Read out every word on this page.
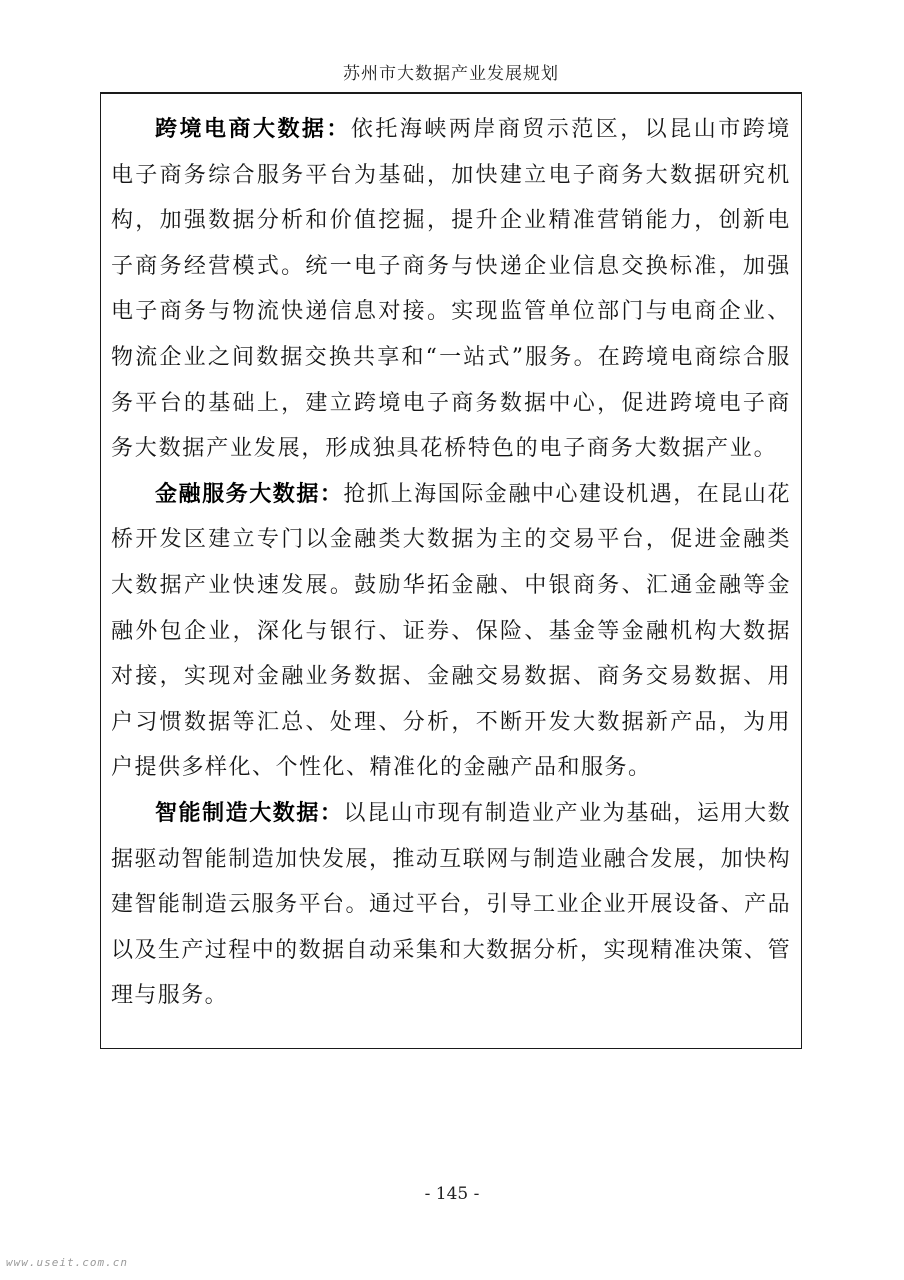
苏州市大数据产业发展规划

跨境电商大数据：依托海峡两岸商贸示范区，以昆山市跨境电子商务综合服务平台为基础，加快建立电子商务大数据研究机构，加强数据分析和价值挖掘，提升企业精准营销能力，创新电子商务经营模式。统一电子商务与快递企业信息交换标准，加强电子商务与物流快递信息对接。实现监管单位部门与电商企业、物流企业之间数据交换共享和“一站式”服务。在跨境电商综合服务平台的基础上，建立跨境电子商务数据中心，促进跨境电子商务大数据产业发展，形成独具花桥特色的电子商务大数据产业。

金融服务大数据：抢抓上海国际金融中心建设机遇，在昆山花桥开发区建立专门以金融类大数据为主的交易平台，促进金融类大数据产业快速发展。鼓励华拓金融、中银商务、汇通金融等金融外包企业，深化与银行、证券、保险、基金等金融机构大数据对接，实现对金融业务数据、金融交易数据、商务交易数据、用户习惯数据等汇总、处理、分析，不断开发大数据新产品，为用户提供多样化、个性化、精准化的金融产品和服务。

智能制造大数据：以昆山市现有制造业产业为基础，运用大数据驱动智能制造加快发展，推动互联网与制造业融合发展，加快构建智能制造云服务平台。通过平台，引导工业企业开展设备、产品以及生产过程中的数据自动采集和大数据分析，实现精准决策、管理与服务。

- 145 -
www.useit.com.cn
